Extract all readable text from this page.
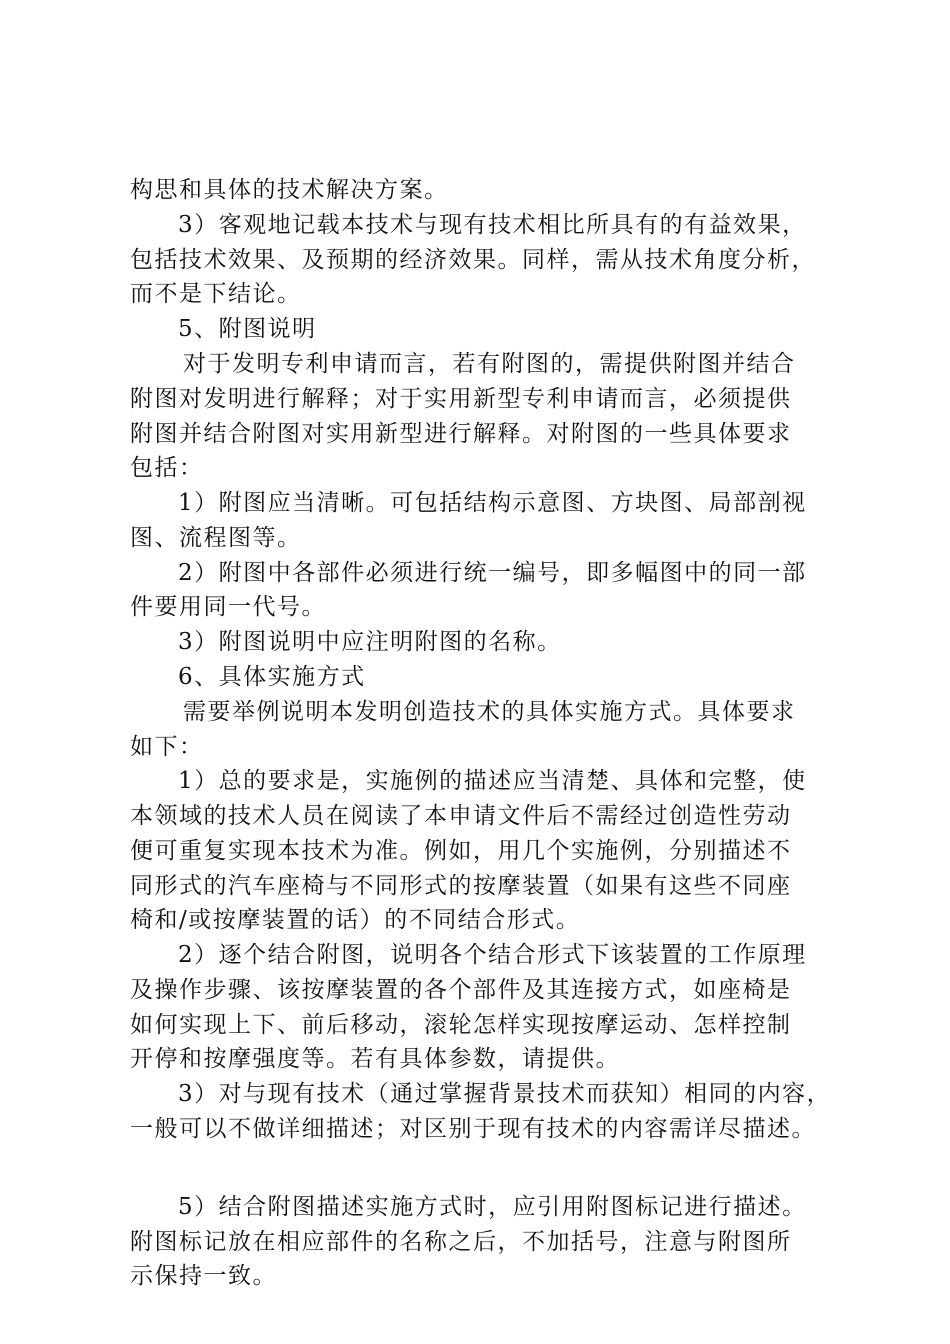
构思和具体的技术解决方案。
3）客观地记载本技术与现有技术相比所具有的有益效果，
包括技术效果、及预期的经济效果。同样，需从技术角度分析，
而不是下结论。
5、附图说明
对于发明专利申请而言，若有附图的，需提供附图并结合
附图对发明进行解释；对于实用新型专利申请而言，必须提供
附图并结合附图对实用新型进行解释。对附图的一些具体要求
包括：
1）附图应当清晰。可包括结构示意图、方块图、局部剖视
图、流程图等。
2）附图中各部件必须进行统一编号，即多幅图中的同一部
件要用同一代号。
3）附图说明中应注明附图的名称。
6、具体实施方式
需要举例说明本发明创造技术的具体实施方式。具体要求
如下：
1）总的要求是，实施例的描述应当清楚、具体和完整，使
本领域的技术人员在阅读了本申请文件后不需经过创造性劳动
便可重复实现本技术为准。例如，用几个实施例，分别描述不
同形式的汽车座椅与不同形式的按摩装置（如果有这些不同座
椅和/或按摩装置的话）的不同结合形式。
2）逐个结合附图，说明各个结合形式下该装置的工作原理
及操作步骤、该按摩装置的各个部件及其连接方式，如座椅是
如何实现上下、前后移动，滚轮怎样实现按摩运动、怎样控制
开停和按摩强度等。若有具体参数，请提供。
3）对与现有技术（通过掌握背景技术而获知）相同的内容，
一般可以不做详细描述；对区别于现有技术的内容需详尽描述。
5）结合附图描述实施方式时，应引用附图标记进行描述。
附图标记放在相应部件的名称之后，不加括号，注意与附图所
示保持一致。
